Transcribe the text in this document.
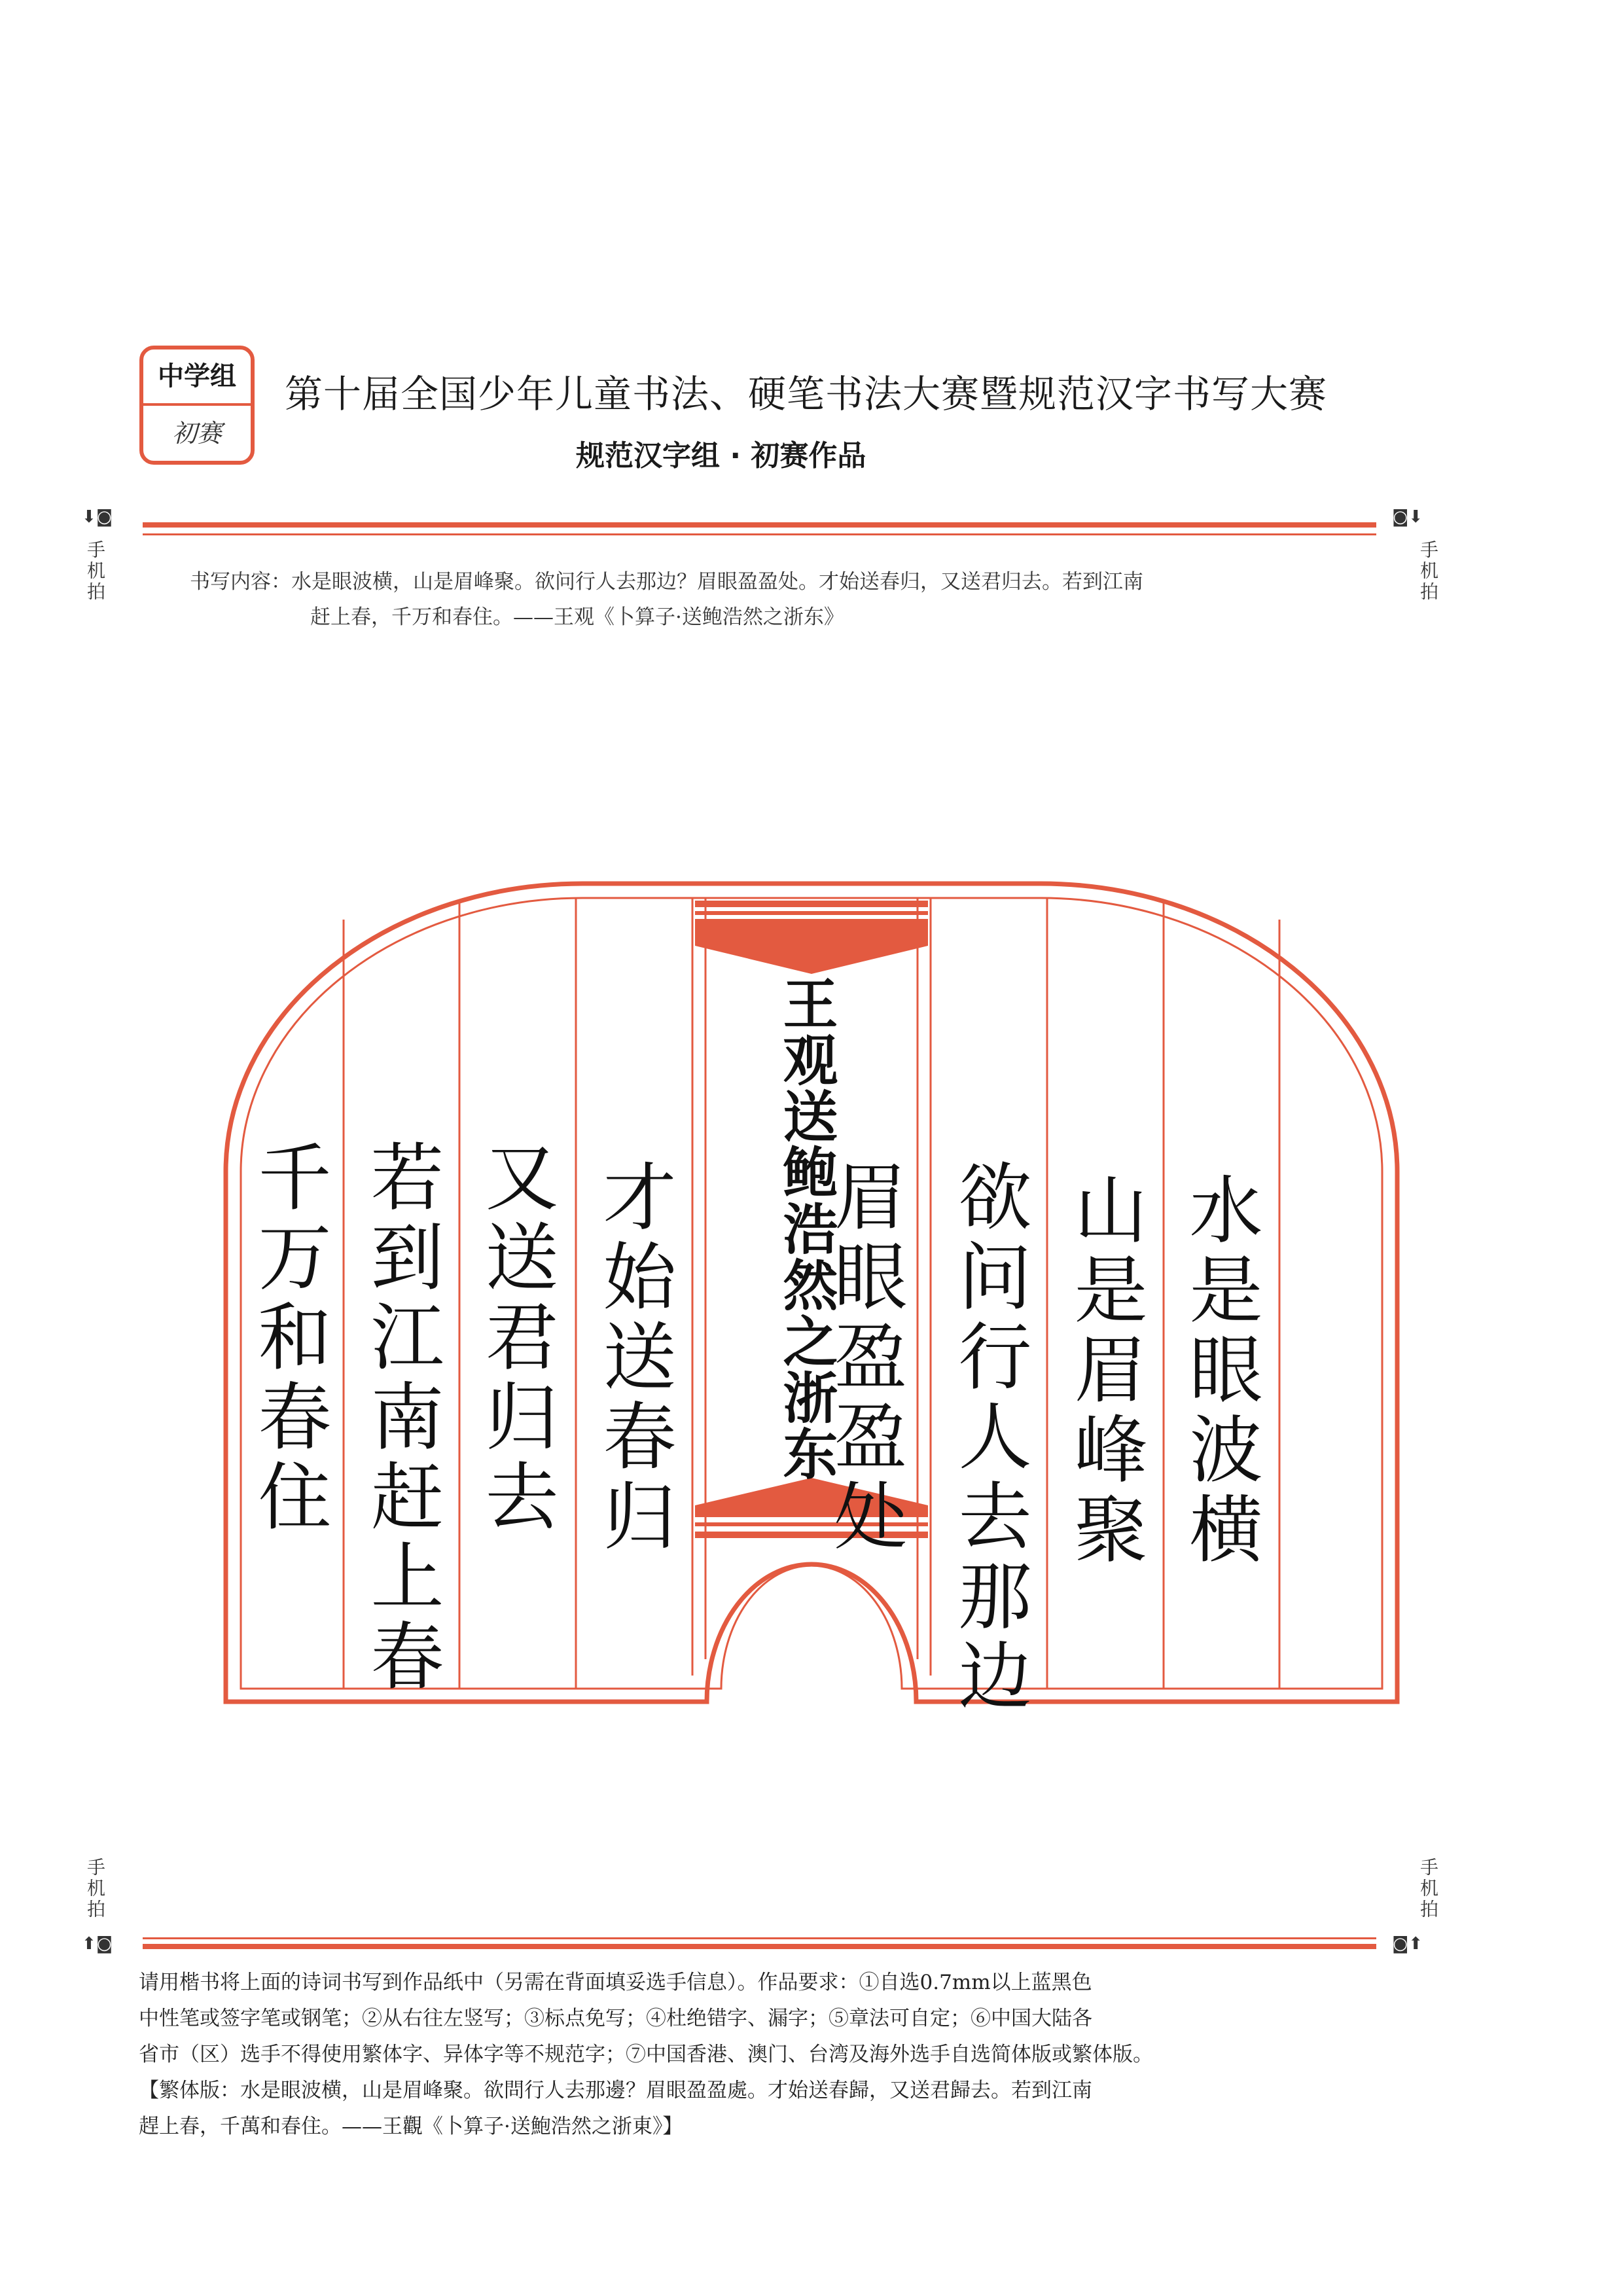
中学组
初赛
第十届全国少年儿童书法、硬笔书法大赛暨规范汉字书写大赛
规范汉字组 · 初赛作品
⬇◙
手机拍
◙⬇
手机拍
书写内容：水是眼波横，山是眉峰聚。欲问行人去那边？眉眼盈盈处。才始送春归，又送君归去。若到江南
赶上春，千万和春住。——王观《卜算子·送鲍浩然之浙东》
水是眼波横
山是眉峰聚
欲问行人去那边
王观送鲍浩然之浙东
眉眼盈盈处
才始送春归
又送君归去
若到江南赶上春
千万和春住
手机拍
⬆◙
手机拍
◙⬆
请用楷书将上面的诗词书写到作品纸中（另需在背面填妥选手信息）。作品要求：①自选0.7mm以上蓝黑色
中性笔或签字笔或钢笔；②从右往左竖写；③标点免写；④杜绝错字、漏字；⑤章法可自定；⑥中国大陆各
省市（区）选手不得使用繁体字、异体字等不规范字；⑦中国香港、澳门、台湾及海外选手自选简体版或繁体版。
【繁体版：水是眼波横，山是眉峰聚。欲問行人去那邊？眉眼盈盈處。才始送春歸，又送君歸去。若到江南
趕上春，千萬和春住。——王觀《卜算子·送鮑浩然之浙東》】
